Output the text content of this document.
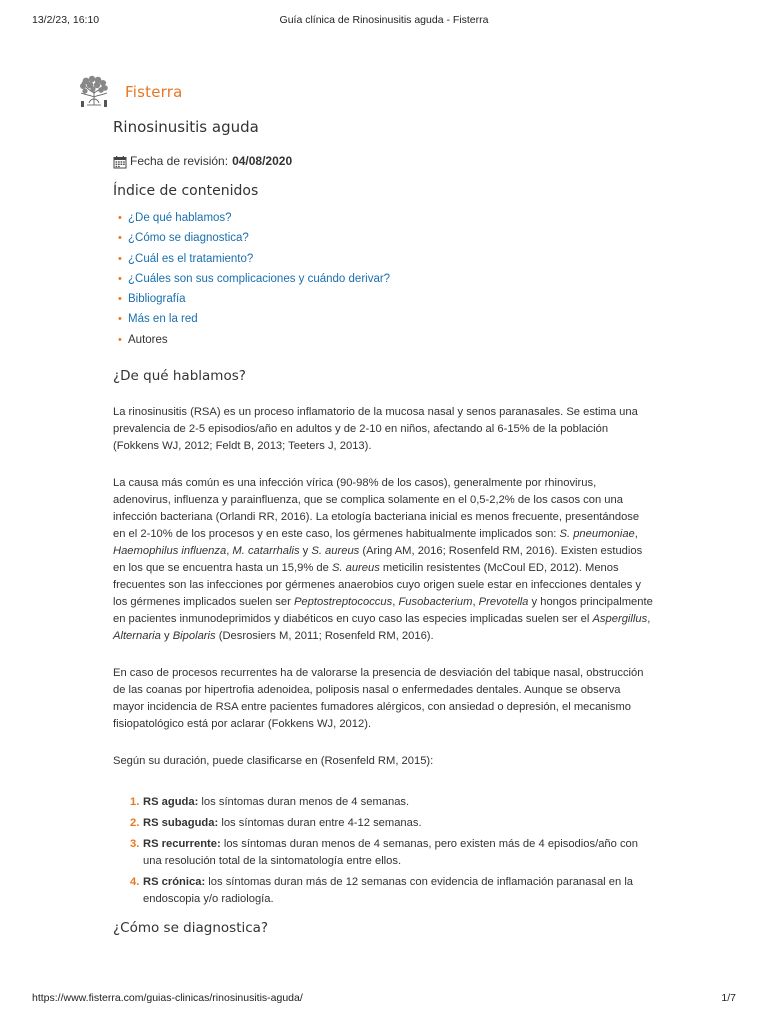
13/2/23, 16:10	Guía clínica de Rinosinusitis aguda - Fisterra
Fisterra
Rinosinusitis aguda
Fecha de revisión: 04/08/2020
Índice de contenidos
• ¿De qué hablamos?
• ¿Cómo se diagnostica?
• ¿Cuál es el tratamiento?
• ¿Cuáles son sus complicaciones y cuándo derivar?
• Bibliografía
• Más en la red
• Autores
¿De qué hablamos?

La rinosinusitis (RSA) es un proceso inflamatorio de la mucosa nasal y senos paranasales. Se estima una prevalencia de 2-5 episodios/año en adultos y de 2-10 en niños, afectando al 6-15% de la población (Fokkens WJ, 2012; Feldt B, 2013; Teeters J, 2013).

La causa más común es una infección vírica (90-98% de los casos), generalmente por rhinovirus, adenovirus, influenza y parainfluenza, que se complica solamente en el 0,5-2,2% de los casos con una infección bacteriana (Orlandi RR, 2016). La etología bacteriana inicial es menos frecuente, presentándose en el 2-10% de los procesos y en este caso, los gérmenes habitualmente implicados son: S. pneumoniae, Haemophilus influenza, M. catarrhalis y S. aureus (Aring AM, 2016; Rosenfeld RM, 2016). Existen estudios en los que se encuentra hasta un 15,9% de S. aureus meticilin resistentes (McCoul ED, 2012). Menos frecuentes son las infecciones por gérmenes anaerobios cuyo origen suele estar en infecciones dentales y los gérmenes implicados suelen ser Peptostreptococcus, Fusobacterium, Prevotella y hongos principalmente en pacientes inmunodeprimidos y diabéticos en cuyo caso las especies implicadas suelen ser el Aspergillus, Alternaria y Bipolaris (Desrosiers M, 2011; Rosenfeld RM, 2016).

En caso de procesos recurrentes ha de valorarse la presencia de desviación del tabique nasal, obstrucción de las coanas por hipertrofia adenoidea, poliposis nasal o enfermedades dentales. Aunque se observa mayor incidencia de RSA entre pacientes fumadores alérgicos, con ansiedad o depresión, el mecanismo fisiopatológico está por aclarar (Fokkens WJ, 2012).

Según su duración, puede clasificarse en (Rosenfeld RM, 2015):

1. RS aguda: los síntomas duran menos de 4 semanas.
2. RS subaguda: los síntomas duran entre 4-12 semanas.
3. RS recurrente: los síntomas duran menos de 4 semanas, pero existen más de 4 episodios/año con una resolución total de la sintomatología entre ellos.
4. RS crónica: los síntomas duran más de 12 semanas con evidencia de inflamación paranasal en la endoscopia y/o radiología.
¿Cómo se diagnostica?
https://www.fisterra.com/guias-clinicas/rinosinusitis-aguda/	1/7
